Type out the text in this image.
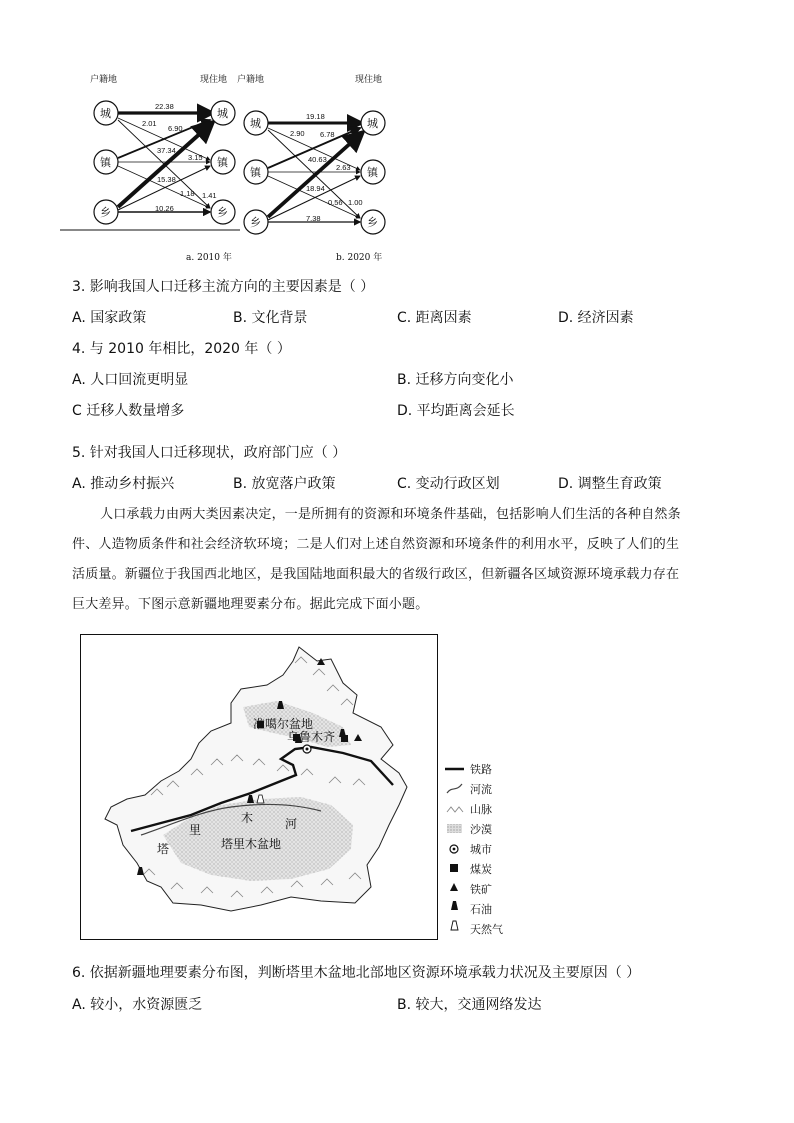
户籍地	现住地 户籍地	现住地
城
镇
乡
城
镇
乡
城
镇
乡
城
镇
乡
22.38
2.01
6.90
37.34
3.15
15.38
1.18 1.41
10.26
19.18
2.90 6.78
40.63
2.63
18.94
0.56 1.00
7.38
a. 2010 年	b. 2020 年
3. 影响我国人口迁移主流方向的主要因素是（ ）
A. 国家政策	B. 文化背景	C. 距离因素	D. 经济因素
4. 与 2010 年相比，2020 年（ ）
A. 人口回流更明显	B. 迁移方向变化小
C 迁移人数量增多	D. 平均距离会延长
5. 针对我国人口迁移现状，政府部门应（ ）
A. 推动乡村振兴	B. 放宽落户政策	C. 变动行政区划	D. 调整生育政策
人口承载力由两大类因素决定，一是所拥有的资源和环境条件基础，包括影响人们生活的各种自然条
件、人造物质条件和社会经济软环境；二是人们对上述自然资源和环境条件的利用水平，反映了人们的生
活质量。新疆位于我国西北地区，是我国陆地面积最大的省级行政区，但新疆各区域资源环境承载力存在
巨大差异。下图示意新疆地理要素分布。据此完成下面小题。
准噶尔盆地
乌鲁木齐
塔里木盆地
塔
里
木	河
铁路
河流
山脉
沙漠
城市
煤炭
铁矿
石油
天然气
6. 依据新疆地理要素分布图，判断塔里木盆地北部地区资源环境承载力状况及主要原因（ ）
A. 较小，水资源匮乏	B. 较大，交通网络发达
